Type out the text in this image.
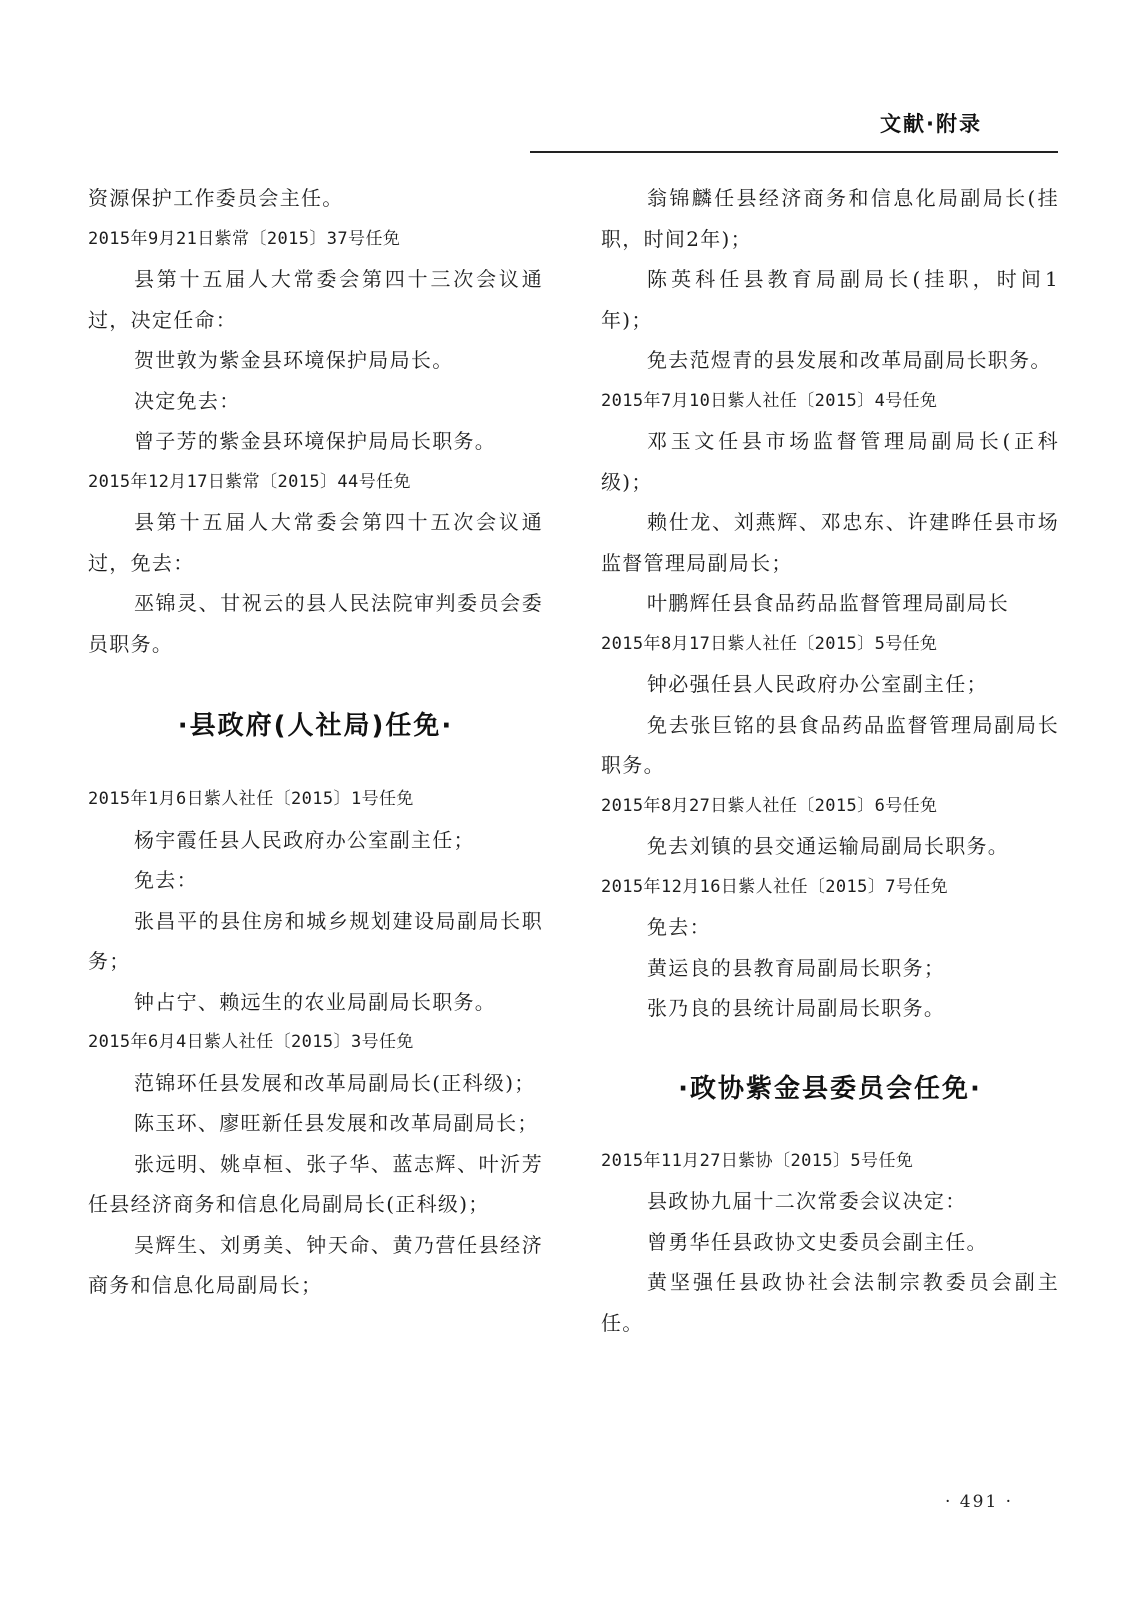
文献·附录

资源保护工作委员会主任。

2015年9月21日紫常〔2015〕37号任免

县第十五届人大常委会第四十三次会议通过，决定任命：

贺世敦为紫金县环境保护局局长。

决定免去：

曾子芳的紫金县环境保护局局长职务。

2015年12月17日紫常〔2015〕44号任免

县第十五届人大常委会第四十五次会议通过，免去：

巫锦灵、甘祝云的县人民法院审判委员会委员职务。

·县政府(人社局)任免·

2015年1月6日紫人社任〔2015〕1号任免

杨宇霞任县人民政府办公室副主任；

免去：

张昌平的县住房和城乡规划建设局副局长职务；

钟占宁、赖远生的农业局副局长职务。

2015年6月4日紫人社任〔2015〕3号任免

范锦环任县发展和改革局副局长(正科级)；

陈玉环、廖旺新任县发展和改革局副局长；

张远明、姚卓桓、张子华、蓝志辉、叶沂芳任县经济商务和信息化局副局长(正科级)；

吴辉生、刘勇美、钟天命、黄乃营任县经济商务和信息化局副局长；

翁锦麟任县经济商务和信息化局副局长(挂职，时间2年)；

陈英科任县教育局副局长(挂职，时间1年)；

免去范煜青的县发展和改革局副局长职务。

2015年7月10日紫人社任〔2015〕4号任免

邓玉文任县市场监督管理局副局长(正科级)；

赖仕龙、刘燕辉、邓忠东、许建晔任县市场监督管理局副局长；

叶鹏辉任县食品药品监督管理局副局长

2015年8月17日紫人社任〔2015〕5号任免

钟必强任县人民政府办公室副主任；

免去张巨铭的县食品药品监督管理局副局长职务。

2015年8月27日紫人社任〔2015〕6号任免

免去刘镇的县交通运输局副局长职务。

2015年12月16日紫人社任〔2015〕7号任免

免去：

黄运良的县教育局副局长职务；

张乃良的县统计局副局长职务。

·政协紫金县委员会任免·

2015年11月27日紫协〔2015〕5号任免

县政协九届十二次常委会议决定：

曾勇华任县政协文史委员会副主任。

黄坚强任县政协社会法制宗教委员会副主任。

· 491 ·
